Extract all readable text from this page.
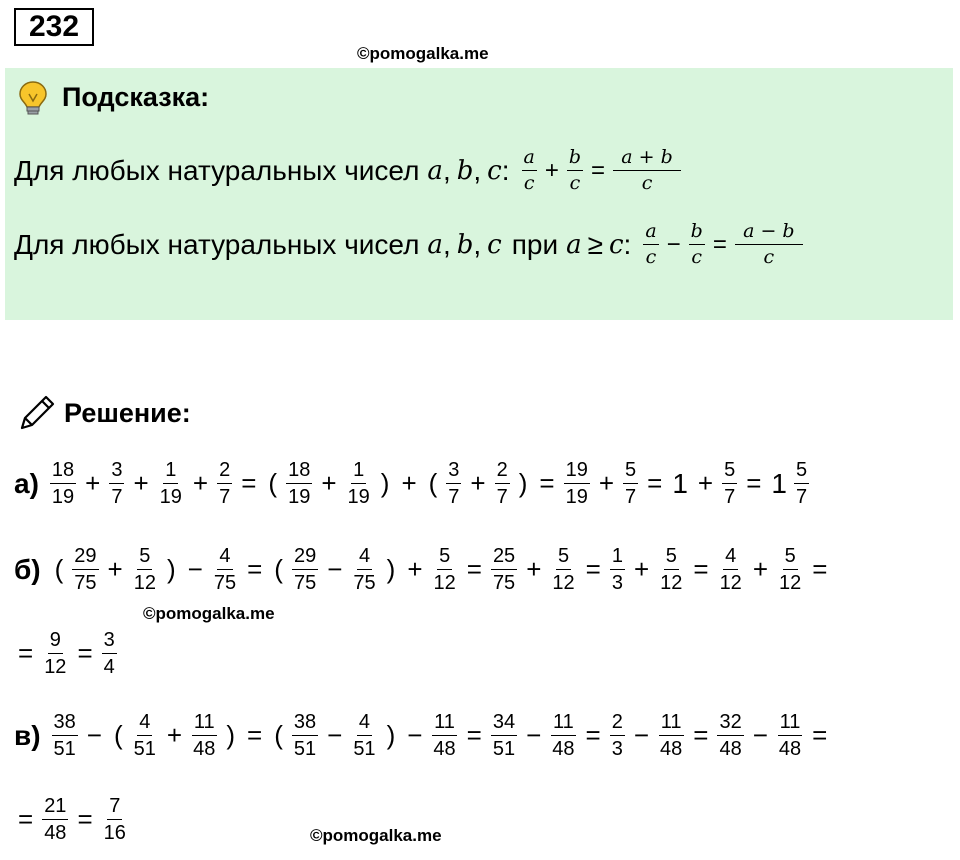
232
©pomogalka.me
Подсказка:
Для любых натуральных чисел a , b , c : $\frac{a}{c} + \frac{b}{c} = \frac{a + b}{c}$
Для любых натуральных чисел a , b , c при a ≥ c : $\frac{a}{c} - \frac{b}{c} = \frac{a - b}{c}$
Решение:
$а) \frac{18}{19} + \frac{3}{7} + \frac{1}{19} + \frac{2}{7}$ = ( $\frac{18}{19} + \frac{1}{19}$ ) + ( $\frac{3}{7} + \frac{2}{7}$ ) = $\frac{19}{19} + \frac{5}{7} = 1 + \frac{5}{7} = 1 \frac{5}{7}$
б) ( $\frac{29}{75} + \frac{5}{12}$ ) − $\frac{4}{75}$ = ( $\frac{29}{75} - \frac{4}{75}$ ) + $\frac{5}{12} = \frac{25}{75} + \frac{5}{12} = \frac{1}{3} + \frac{5}{12} = \frac{4}{12} + \frac{5}{12}$ =
©pomogalka.me
= $\frac{9}{12} = \frac{3}{4}$
$в) \frac{38}{51}$ − ( $\frac{4}{51} + \frac{11}{48}$ ) = ( $\frac{38}{51} - \frac{4}{51}$ ) − $\frac{11}{48} = \frac{34}{51} - \frac{11}{48} = \frac{2}{3} - \frac{11}{48} = \frac{32}{48} - \frac{11}{48}$ =
= $\frac{21}{48} = \frac{7}{16}$	©pomogalka.me
